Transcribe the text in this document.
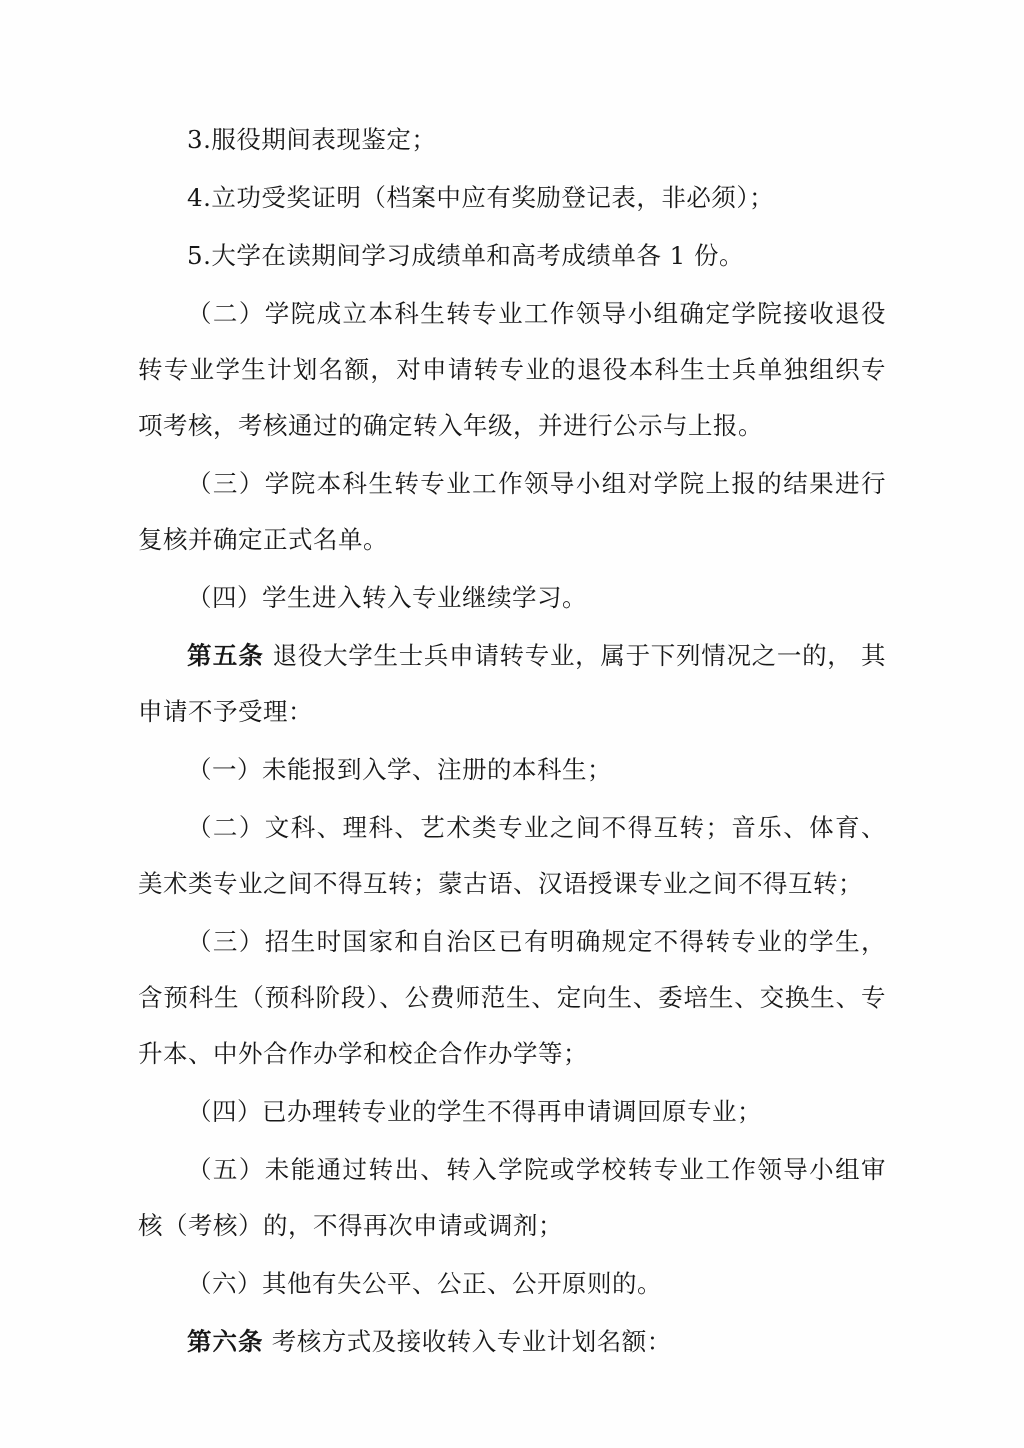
3.服役期间表现鉴定；

4.立功受奖证明（档案中应有奖励登记表，非必须）；

5.大学在读期间学习成绩单和高考成绩单各 1 份。

（二）学院成立本科生转专业工作领导小组确定学院接收退役转专业学生计划名额，对申请转专业的退役本科生士兵单独组织专项考核，考核通过的确定转入年级，并进行公示与上报。

（三）学院本科生转专业工作领导小组对学院上报的结果进行复核并确定正式名单。

（四）学生进入转入专业继续学习。

第五条 退役大学生士兵申请转专业，属于下列情况之一的， 其申请不予受理：

（一）未能报到入学、注册的本科生；

（二）文科、理科、艺术类专业之间不得互转；音乐、体育、美术类专业之间不得互转；蒙古语、汉语授课专业之间不得互转；

（三）招生时国家和自治区已有明确规定不得转专业的学生，含预科生（预科阶段）、公费师范生、定向生、委培生、交换生、专升本、中外合作办学和校企合作办学等；

（四）已办理转专业的学生不得再申请调回原专业；

（五）未能通过转出、转入学院或学校转专业工作领导小组审核（考核）的，不得再次申请或调剂；

（六）其他有失公平、公正、公开原则的。

第六条 考核方式及接收转入专业计划名额：
